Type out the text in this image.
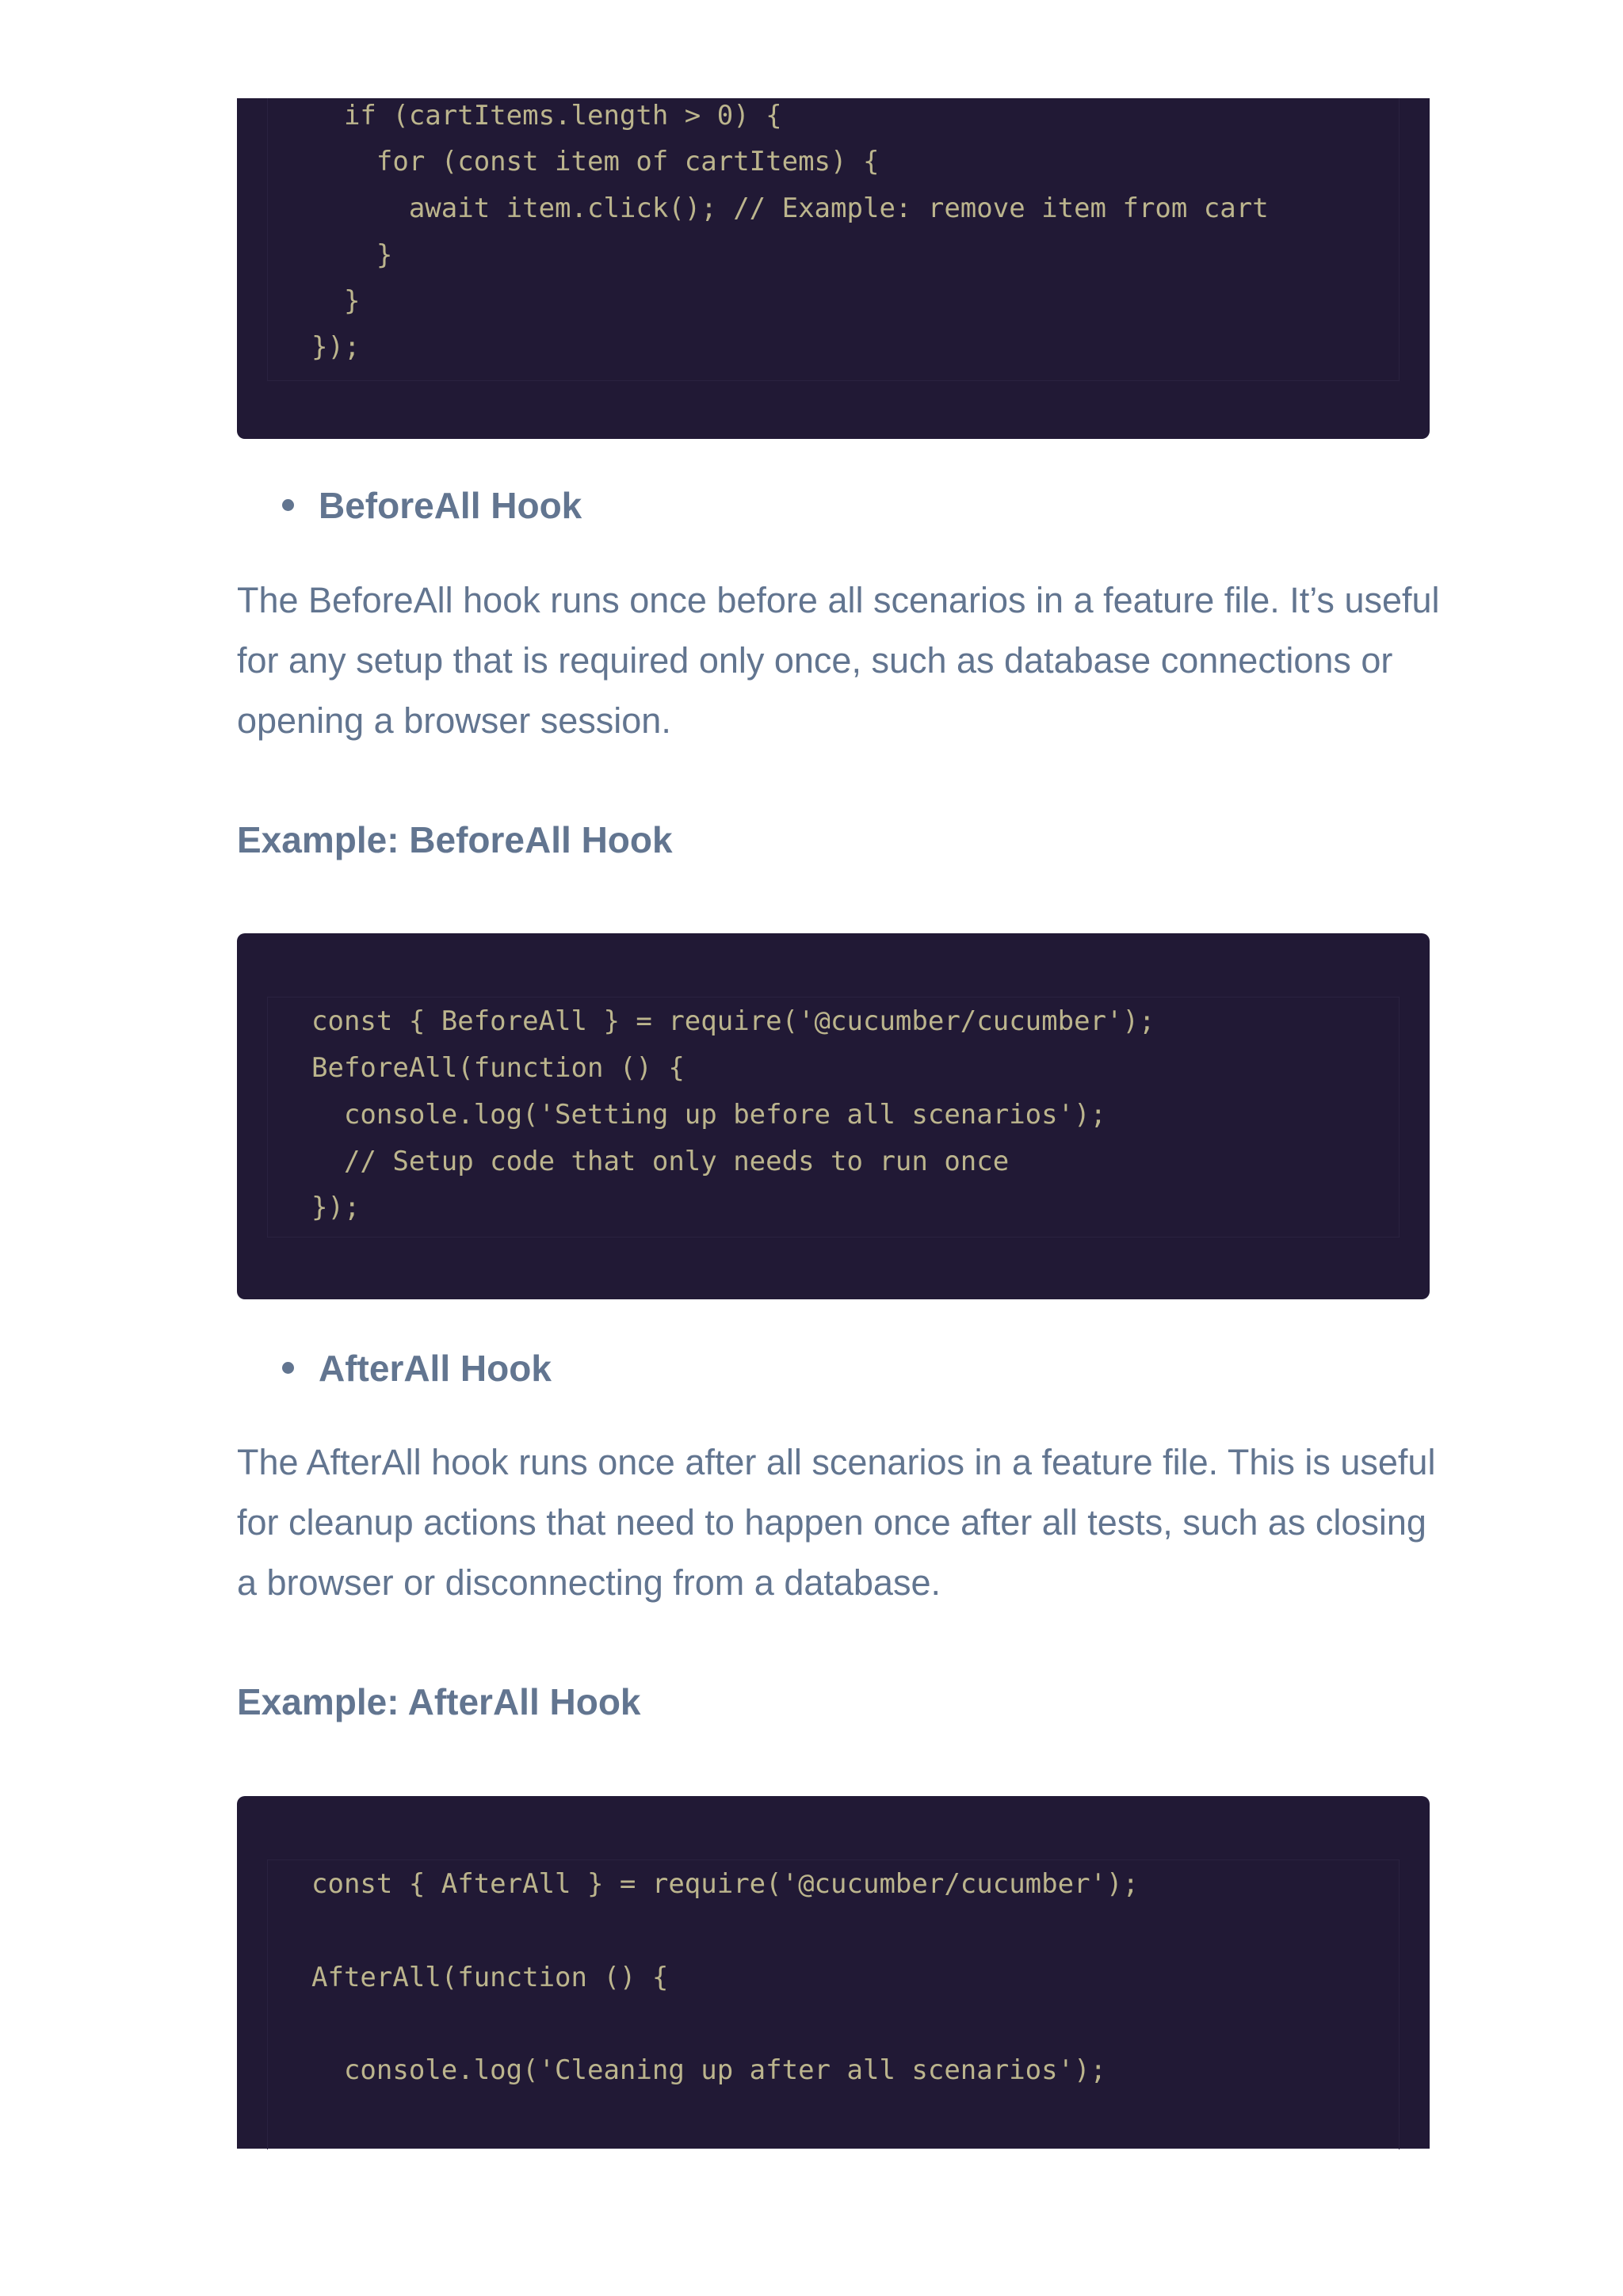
if (cartItems.length > 0) {

for (const item of cartItems) {

await item.click(); // Example: remove item from cart

}

}

});

BeforeAll Hook

The BeforeAll hook runs once before all scenarios in a feature file. It’s useful for any setup that is required only once, such as database connections or opening a browser session.

Example: BeforeAll Hook

const { BeforeAll } = require('@cucumber/cucumber');

BeforeAll(function () {

console.log('Setting up before all scenarios');

// Setup code that only needs to run once

});

AfterAll Hook

The AfterAll hook runs once after all scenarios in a feature file. This is useful for cleanup actions that need to happen once after all tests, such as closing a browser or disconnecting from a database.

Example: AfterAll Hook

const { AfterAll } = require('@cucumber/cucumber');

AfterAll(function () {

console.log('Cleaning up after all scenarios');
